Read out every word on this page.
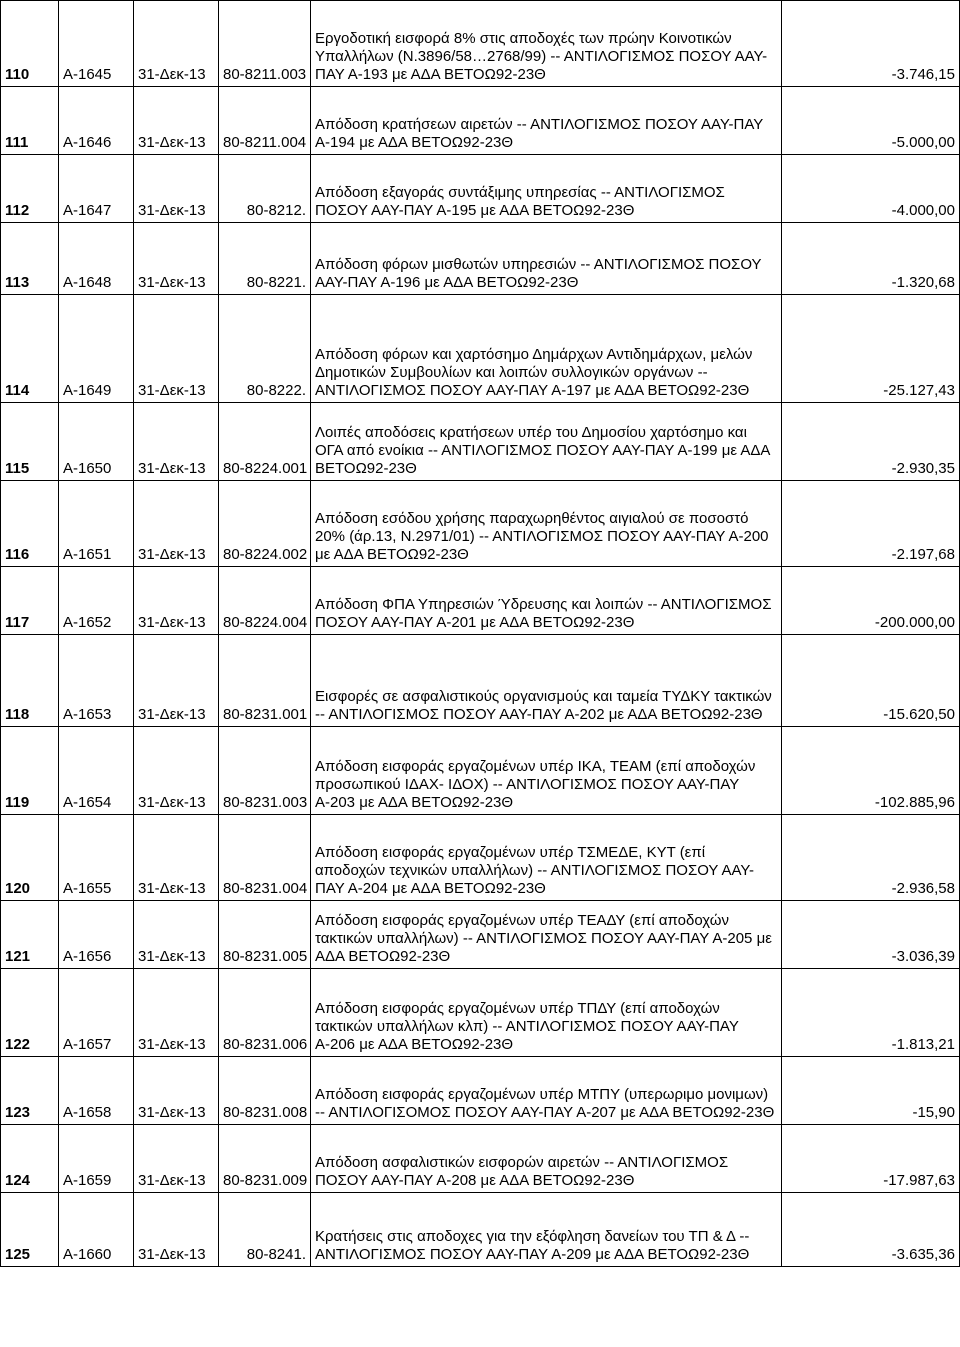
110	Α-1645	31-Δεκ-13	80-8211.003	Εργοδοτική εισφορά 8% στις αποδοχές των πρώην Κοινοτικών Υπαλλήλων (Ν.3896/58…2768/99) -- ΑΝΤΙΛΟΓΙΣΜΟΣ ΠΟΣΟΥ ΑΑΥ-ΠΑΥ Α-193 με ΑΔΑ ΒΕΤΟΩ92-23Θ	-3.746,15
111	Α-1646	31-Δεκ-13	80-8211.004	Απόδοση κρατήσεων αιρετών -- ΑΝΤΙΛΟΓΙΣΜΟΣ ΠΟΣΟΥ ΑΑΥ-ΠΑΥ Α-194 με ΑΔΑ ΒΕΤΟΩ92-23Θ	-5.000,00
112	Α-1647	31-Δεκ-13	80-8212.	Απόδοση εξαγοράς συντάξιμης υπηρεσίας -- ΑΝΤΙΛΟΓΙΣΜΟΣ ΠΟΣΟΥ ΑΑΥ-ΠΑΥ Α-195 με ΑΔΑ ΒΕΤΟΩ92-23Θ	-4.000,00
113	Α-1648	31-Δεκ-13	80-8221.	Απόδοση φόρων μισθωτών υπηρεσιών -- ΑΝΤΙΛΟΓΙΣΜΟΣ ΠΟΣΟΥ ΑΑΥ-ΠΑΥ Α-196 με ΑΔΑ ΒΕΤΟΩ92-23Θ	-1.320,68
114	Α-1649	31-Δεκ-13	80-8222.	Απόδοση φόρων και χαρτόσημο Δημάρχων Αντιδημάρχων, μελών Δημοτικών Συμβουλίων και λοιπών συλλογικών οργάνων -- ΑΝΤΙΛΟΓΙΣΜΟΣ ΠΟΣΟΥ ΑΑΥ-ΠΑΥ Α-197 με ΑΔΑ ΒΕΤΟΩ92-23Θ	-25.127,43
115	Α-1650	31-Δεκ-13	80-8224.001	Λοιπές αποδόσεις κρατήσεων υπέρ του Δημοσίου χαρτόσημο και ΟΓΑ από ενοίκια -- ΑΝΤΙΛΟΓΙΣΜΟΣ ΠΟΣΟΥ ΑΑΥ-ΠΑΥ Α-199 με ΑΔΑ ΒΕΤΟΩ92-23Θ	-2.930,35
116	Α-1651	31-Δεκ-13	80-8224.002	Απόδοση εσόδου χρήσης παραχωρηθέντος αιγιαλού σε ποσοστό 20% (άρ.13, Ν.2971/01) -- ΑΝΤΙΛΟΓΙΣΜΟΣ ΠΟΣΟΥ ΑΑΥ-ΠΑΥ Α-200 με ΑΔΑ ΒΕΤΟΩ92-23Θ	-2.197,68
117	Α-1652	31-Δεκ-13	80-8224.004	Απόδοση ΦΠΑ Υπηρεσιών Ύδρευσης και λοιπών -- ΑΝΤΙΛΟΓΙΣΜΟΣ ΠΟΣΟΥ ΑΑΥ-ΠΑΥ Α-201 με ΑΔΑ ΒΕΤΟΩ92-23Θ	-200.000,00
118	Α-1653	31-Δεκ-13	80-8231.001	Εισφορές σε ασφαλιστικούς οργανισμούς και ταμεία ΤΥΔΚΥ τακτικών -- ΑΝΤΙΛΟΓΙΣΜΟΣ ΠΟΣΟΥ ΑΑΥ-ΠΑΥ Α-202 με ΑΔΑ ΒΕΤΟΩ92-23Θ	-15.620,50
119	Α-1654	31-Δεκ-13	80-8231.003	Απόδοση εισφοράς εργαζομένων υπέρ ΙΚΑ, ΤΕΑΜ (επί αποδοχών προσωπικού ΙΔΑΧ- ΙΔΟΧ) -- ΑΝΤΙΛΟΓΙΣΜΟΣ ΠΟΣΟΥ ΑΑΥ-ΠΑΥ Α-203 με ΑΔΑ ΒΕΤΟΩ92-23Θ	-102.885,96
120	Α-1655	31-Δεκ-13	80-8231.004	Απόδοση εισφοράς εργαζομένων υπέρ ΤΣΜΕΔΕ, ΚΥΤ (επί αποδοχών τεχνικών υπαλλήλων) -- ΑΝΤΙΛΟΓΙΣΜΟΣ ΠΟΣΟΥ ΑΑΥ-ΠΑΥ Α-204 με ΑΔΑ ΒΕΤΟΩ92-23Θ	-2.936,58
121	Α-1656	31-Δεκ-13	80-8231.005	Απόδοση εισφοράς εργαζομένων υπέρ ΤΕΑΔΥ (επί αποδοχών τακτικών υπαλλήλων) -- ΑΝΤΙΛΟΓΙΣΜΟΣ ΠΟΣΟΥ ΑΑΥ-ΠΑΥ Α-205 με ΑΔΑ ΒΕΤΟΩ92-23Θ	-3.036,39
122	Α-1657	31-Δεκ-13	80-8231.006	Απόδοση εισφοράς εργαζομένων υπέρ ΤΠΔΥ (επί αποδοχών τακτικών υπαλλήλων κλπ) -- ΑΝΤΙΛΟΓΙΣΜΟΣ ΠΟΣΟΥ ΑΑΥ-ΠΑΥ Α-206 με ΑΔΑ ΒΕΤΟΩ92-23Θ	-1.813,21
123	Α-1658	31-Δεκ-13	80-8231.008	Απόδοση εισφοράς εργαζομένων υπέρ ΜΤΠΥ (υπερωριμο μονιμων) -- ΑΝΤΙΛΟΓΙΣΟΜΟΣ ΠΟΣΟΥ ΑΑΥ-ΠΑΥ Α-207 με ΑΔΑ ΒΕΤΟΩ92-23Θ	-15,90
124	Α-1659	31-Δεκ-13	80-8231.009	Απόδοση ασφαλιστικών εισφορών αιρετών -- ΑΝΤΙΛΟΓΙΣΜΟΣ ΠΟΣΟΥ ΑΑΥ-ΠΑΥ Α-208 με ΑΔΑ ΒΕΤΟΩ92-23Θ	-17.987,63
125	Α-1660	31-Δεκ-13	80-8241.	Κρατήσεις στις αποδοχες για την εξόφληση δανείων του ΤΠ & Δ -- ΑΝΤΙΛΟΓΙΣΜΟΣ ΠΟΣΟΥ ΑΑΥ-ΠΑΥ Α-209 με ΑΔΑ ΒΕΤΟΩ92-23Θ	-3.635,36
